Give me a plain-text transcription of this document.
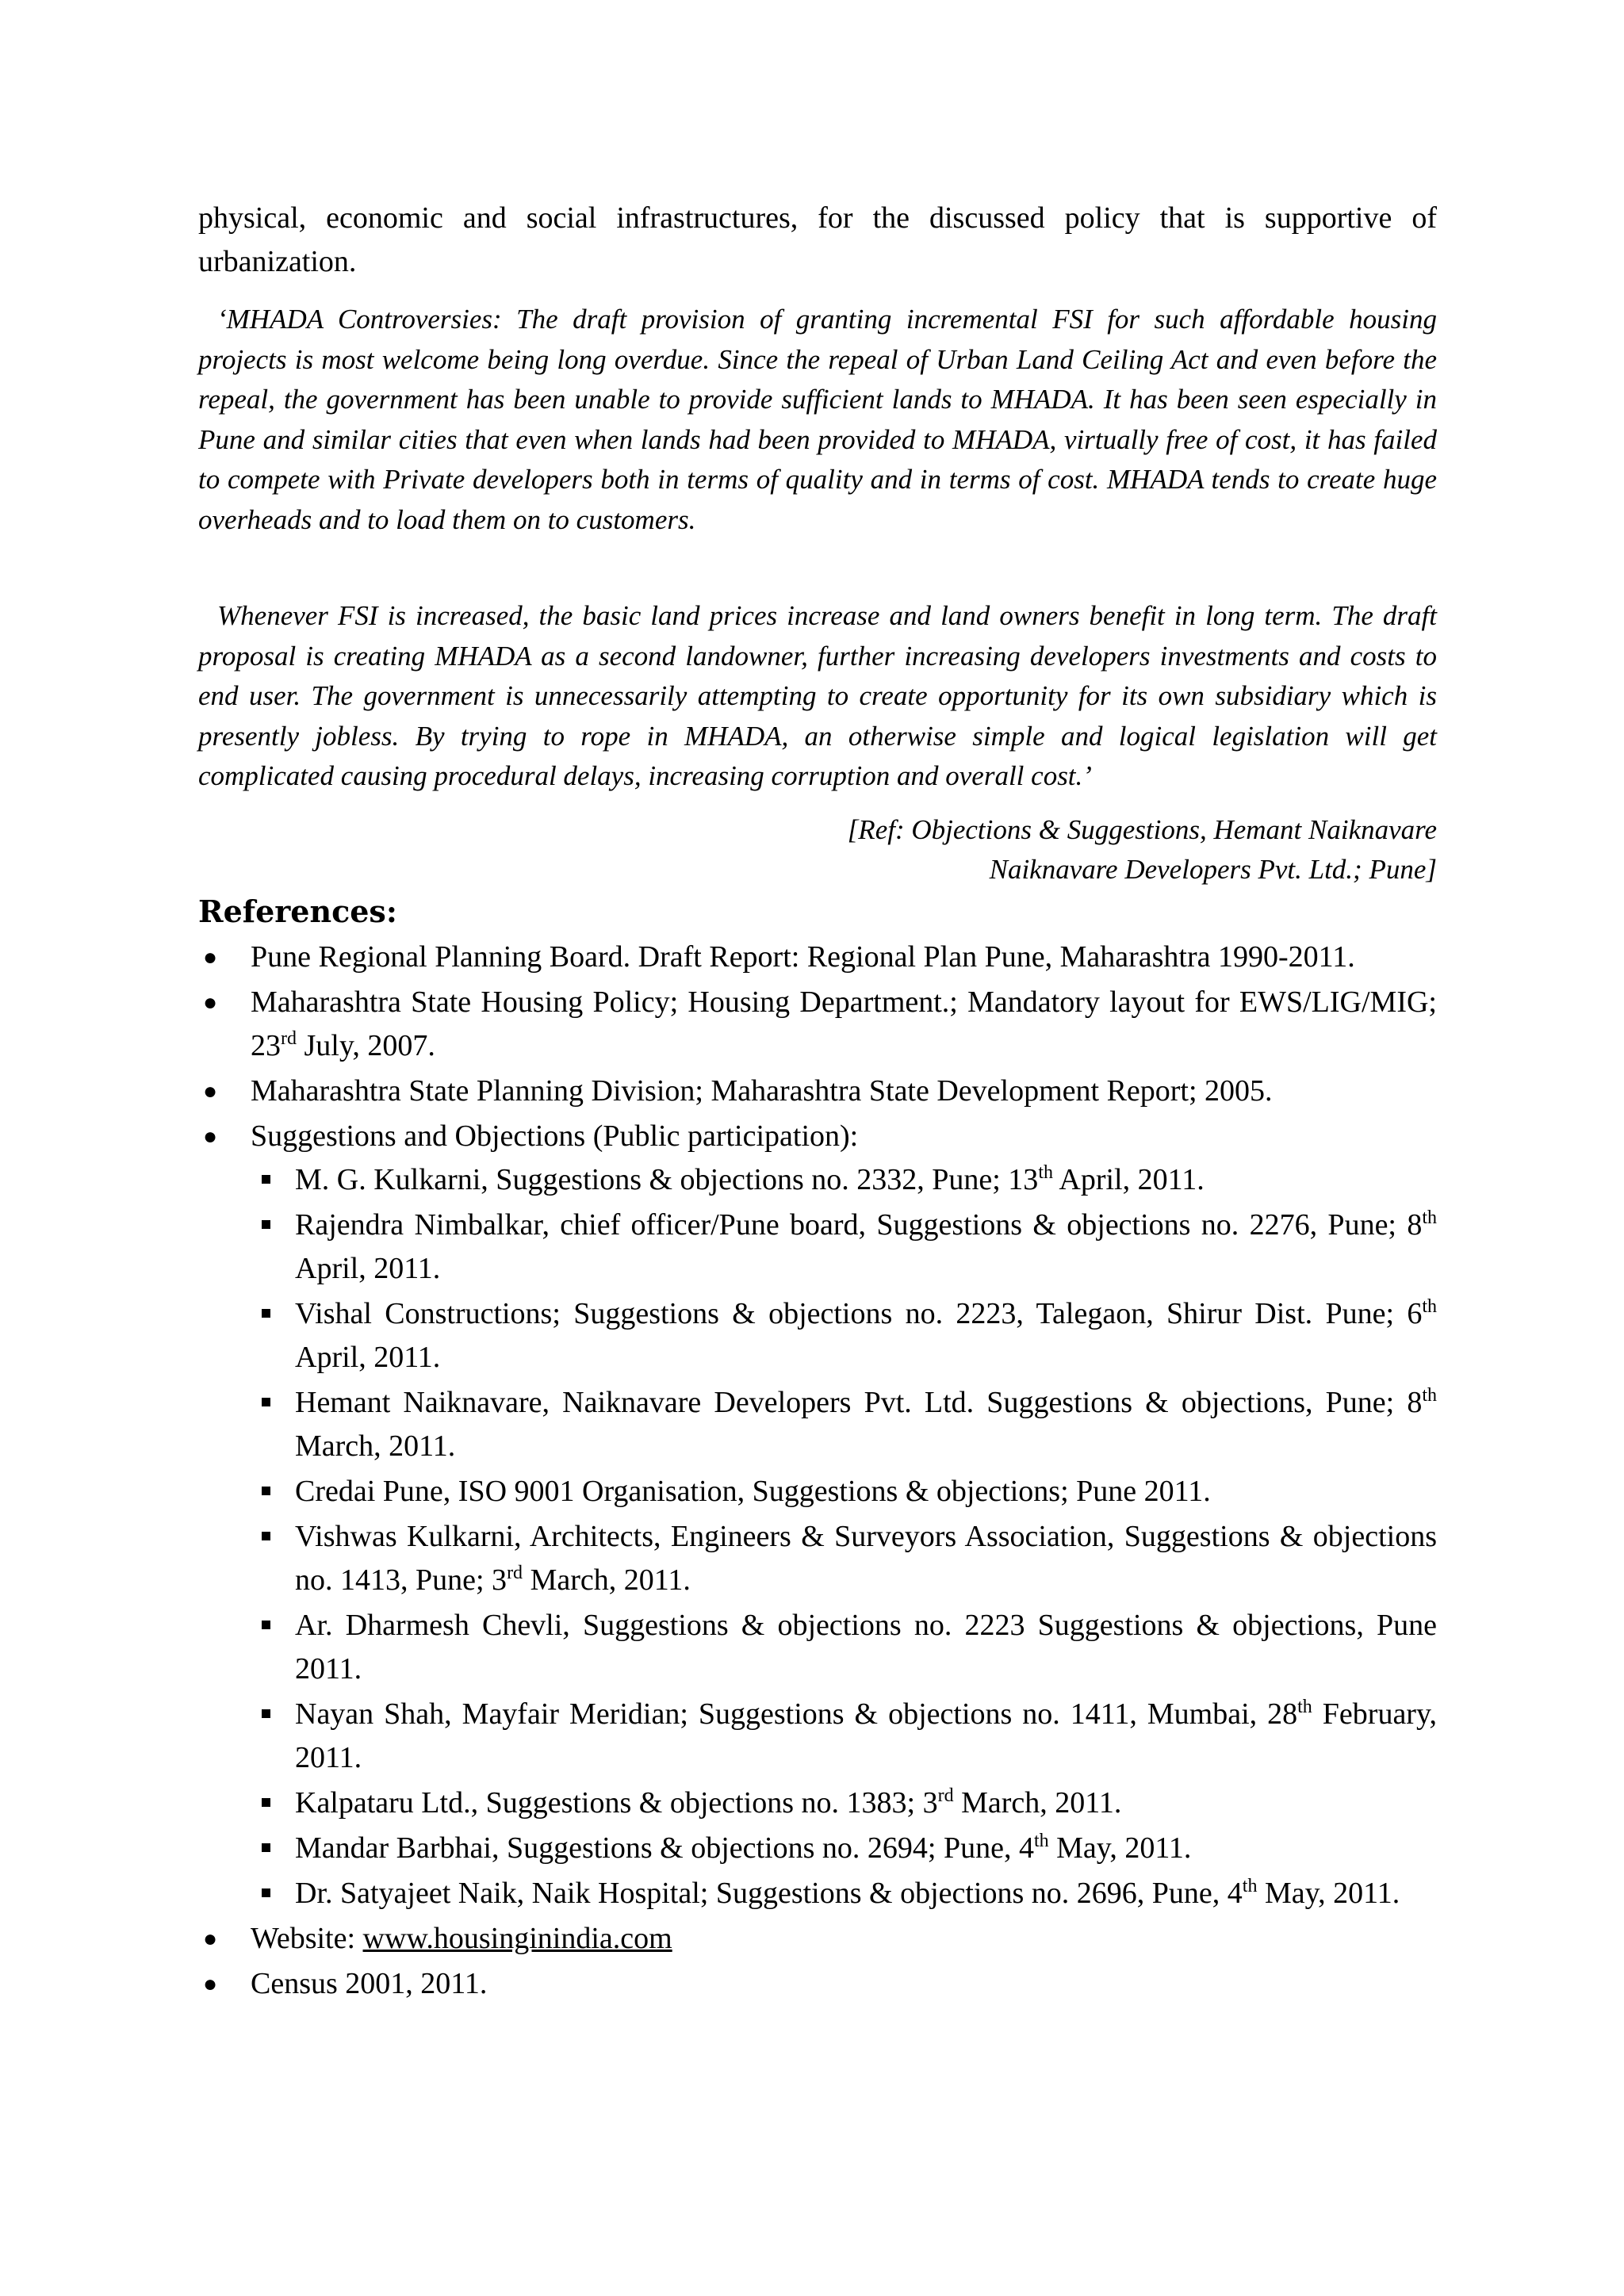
physical, economic and social infrastructures, for the discussed policy that is supportive of urbanization.

‘MHADA Controversies: The draft provision of granting incremental FSI for such affordable housing projects is most welcome being long overdue. Since the repeal of Urban Land Ceiling Act and even before the repeal, the government has been unable to provide sufficient lands to MHADA. It has been seen especially in Pune and similar cities that even when lands had been provided to MHADA, virtually free of cost, it has failed to compete with Private developers both in terms of quality and in terms of cost. MHADA tends to create huge overheads and to load them on to customers.

Whenever FSI is increased, the basic land prices increase and land owners benefit in long term. The draft proposal is creating MHADA as a second landowner, further increasing developers investments and costs to end user. The government is unnecessarily attempting to create opportunity for its own subsidiary which is presently jobless. By trying to rope in MHADA, an otherwise simple and logical legislation will get complicated causing procedural delays, increasing corruption and overall cost.’

[Ref: Objections & Suggestions, Hemant Naiknavare

Naiknavare Developers Pvt. Ltd.; Pune]

References:
● Pune Regional Planning Board. Draft Report: Regional Plan Pune, Maharashtra 1990-2011.
● Maharashtra State Housing Policy; Housing Department.; Mandatory layout for EWS/LIG/MIG; 23rd July, 2007.
● Maharashtra State Planning Division; Maharashtra State Development Report; 2005.
● Suggestions and Objections (Public participation):
M. G. Kulkarni, Suggestions & objections no. 2332, Pune; 13th April, 2011.
Rajendra Nimbalkar, chief officer/Pune board, Suggestions & objections no. 2276, Pune; 8th April, 2011.
Vishal Constructions; Suggestions & objections no. 2223, Talegaon, Shirur Dist. Pune; 6th April, 2011.
Hemant Naiknavare, Naiknavare Developers Pvt. Ltd. Suggestions & objections, Pune; 8th March, 2011.
Credai Pune, ISO 9001 Organisation, Suggestions & objections; Pune 2011.
Vishwas Kulkarni, Architects, Engineers & Surveyors Association, Suggestions & objections no. 1413, Pune; 3rd March, 2011.
Ar. Dharmesh Chevli, Suggestions & objections no. 2223 Suggestions & objections, Pune 2011.
Nayan Shah, Mayfair Meridian; Suggestions & objections no. 1411, Mumbai, 28th February, 2011.
Kalpataru Ltd., Suggestions & objections no. 1383; 3rd March, 2011.
Mandar Barbhai, Suggestions & objections no. 2694; Pune, 4th May, 2011.
Dr. Satyajeet Naik, Naik Hospital; Suggestions & objections no. 2696, Pune, 4th May, 2011.
● Website: www.housinginindia.com
● Census 2001, 2011.
